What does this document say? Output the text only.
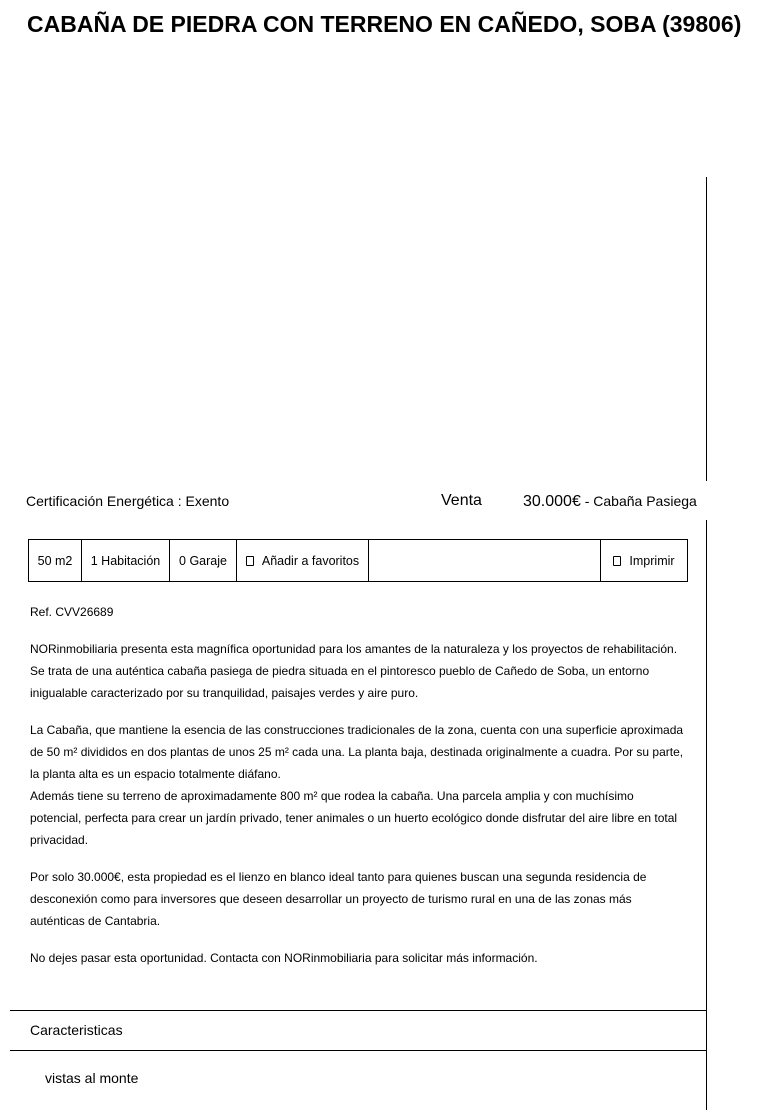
CABAÑA DE PIEDRA CON TERRENO EN CAÑEDO, SOBA (39806)
Certificación Energética : Exento	Venta	30.000€ - Cabaña Pasiega
50 m2 1 Habitación 0 Garaje	Añadir a favoritos	Imprimir

Ref. CVV26689

NORinmobiliaria presenta esta magnífica oportunidad para los amantes de la naturaleza y los proyectos de rehabilitación.
Se trata de una auténtica cabaña pasiega de piedra situada en el pintoresco pueblo de Cañedo de Soba, un entorno
inigualable caracterizado por su tranquilidad, paisajes verdes y aire puro.

La Cabaña, que mantiene la esencia de las construcciones tradicionales de la zona, cuenta con una superficie aproximada
de 50 m² divididos en dos plantas de unos 25 m² cada una. La planta baja, destinada originalmente a cuadra. Por su parte,
la planta alta es un espacio totalmente diáfano.
Además tiene su terreno de aproximadamente 800 m² que rodea la cabaña. Una parcela amplia y con muchísimo
potencial, perfecta para crear un jardín privado, tener animales o un huerto ecológico donde disfrutar del aire libre en total
privacidad.

Por solo 30.000€, esta propiedad es el lienzo en blanco ideal tanto para quienes buscan una segunda residencia de
desconexión como para inversores que deseen desarrollar un proyecto de turismo rural en una de las zonas más
auténticas de Cantabria.

No dejes pasar esta oportunidad. Contacta con NORinmobiliaria para solicitar más información.

Caracteristicas
vistas al monte
